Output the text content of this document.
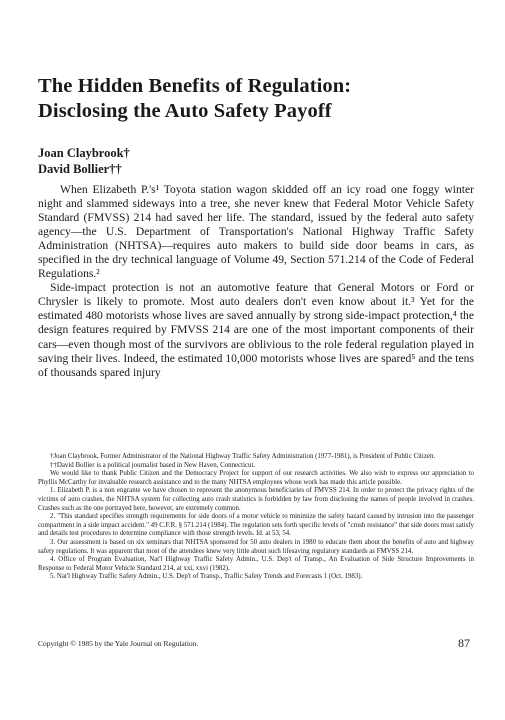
The Hidden Benefits of Regulation:
Disclosing the Auto Safety Payoff
Joan Claybrook†
David Bollier††

When Elizabeth P.'s¹ Toyota station wagon skidded off an icy road one foggy winter night and slammed sideways into a tree, she never knew that Federal Motor Vehicle Safety Standard (FMVSS) 214 had saved her life. The standard, issued by the federal auto safety agency—the U.S. Department of Transportation's National Highway Traffic Safety Administration (NHTSA)—requires auto makers to build side door beams in cars, as specified in the dry technical language of Volume 49, Section 571.214 of the Code of Federal Regulations.²

Side-impact protection is not an automotive feature that General Motors or Ford or Chrysler is likely to promote. Most auto dealers don't even know about it.³ Yet for the estimated 480 motorists whose lives are saved annually by strong side-impact protection,⁴ the design features required by FMVSS 214 are one of the most important components of their cars—even though most of the survivors are oblivious to the role federal regulation played in saving their lives. Indeed, the estimated 10,000 motorists whose lives are spared⁵ and the tens of thousands spared injury

†Joan Claybrook, Former Administrator of the National Highway Traffic Safety Administration (1977-1981), is President of Public Citizen.

††David Bollier is a political journalist based in New Haven, Connecticut.

We would like to thank Public Citizen and the Democracy Project for support of our research activities. We also wish to express our appreciation to Phyllis McCarthy for invaluable research assistance and to the many NHTSA employees whose work has made this article possible.

1. Elizabeth P. is a non engrante we have chosen to represent the anonymous beneficiaries of FMVSS 214. In order to protect the privacy rights of the victims of auto crashes, the NHTSA system for collecting auto crash statistics is forbidden by law from disclosing the names of people involved in crashes. Crashes such as the one portrayed here, however, are extremely common.

2. "This standard specifies strength requirements for side doors of a motor vehicle to minimize the safety hazard caused by intrusion into the passenger compartment in a side impact accident." 49 C.F.R. § 571.214 (1984). The regulation sets forth specific levels of "crush resistance" that side doors must satisfy and details test procedures to determine compliance with those strength levels. Id. at 53, 54.

3. Our assessment is based on six seminars that NHTSA sponsored for 50 auto dealers in 1980 to educate them about the benefits of auto and highway safety regulations. It was apparent that most of the attendees knew very little about such lifesaving regulatory standards as FMVSS 214.

4. Office of Program Evaluation, Nat'l Highway Traffic Safety Admin., U.S. Dep't of Transp., An Evaluation of Side Structure Improvements in Response to Federal Motor Vehicle Standard 214, at xxi, xxvi (1982).

5. Nat'l Highway Traffic Safety Admin., U.S. Dep't of Transp., Traffic Safety Trends and Forecasts 1 (Oct. 1983).

Copyright © 1985 by the Yale Journal on Regulation.	87
